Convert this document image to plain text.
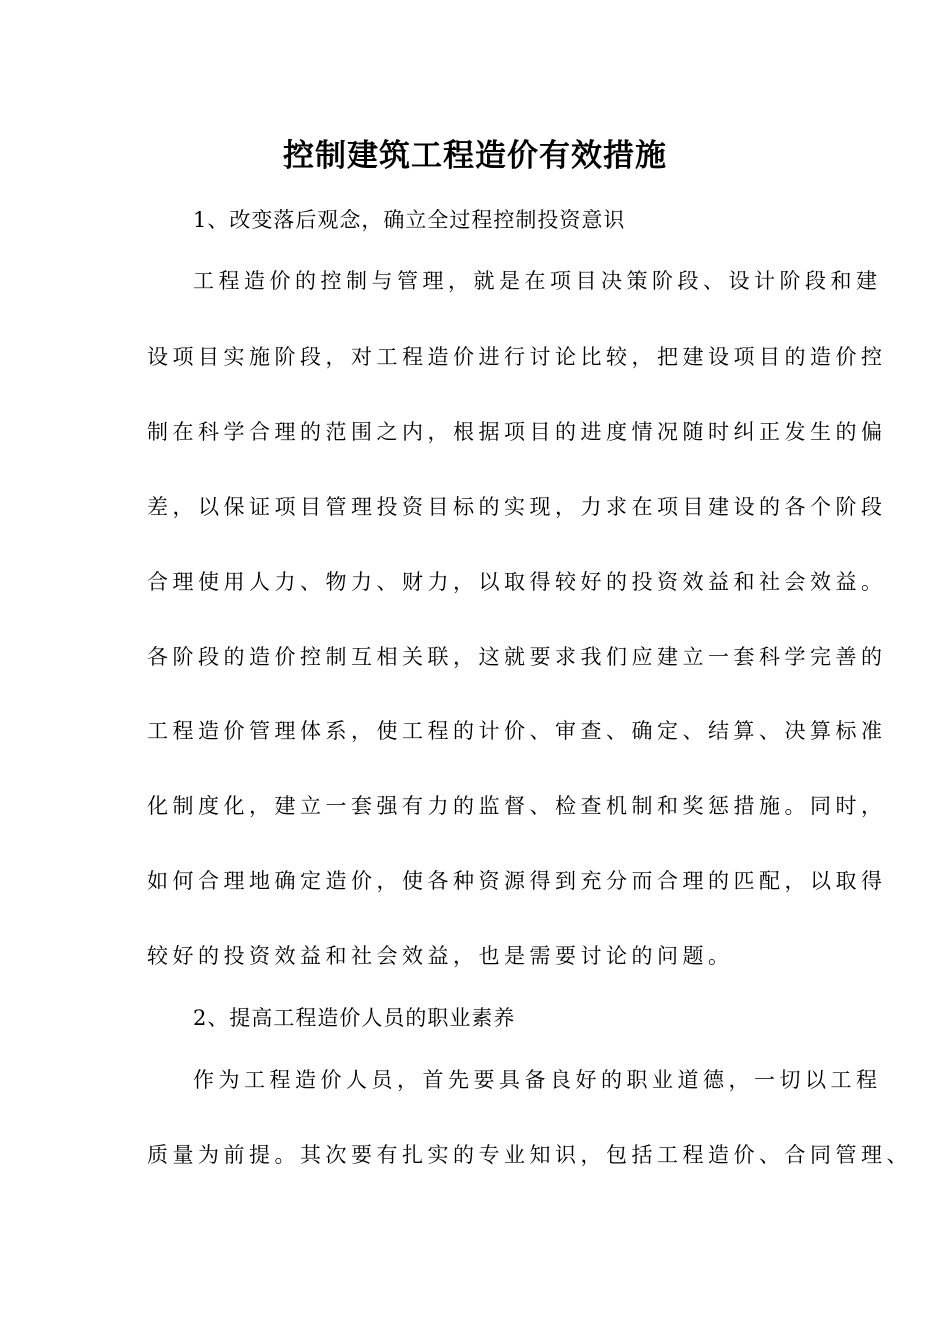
控制建筑工程造价有效措施
1、改变落后观念，确立全过程控制投资意识
工程造价的控制与管理，就是在项目决策阶段、设计阶段和建
设项目实施阶段，对工程造价进行讨论比较，把建设项目的造价控
制在科学合理的范围之内，根据项目的进度情况随时纠正发生的偏
差，以保证项目管理投资目标的实现，力求在项目建设的各个阶段
合理使用人力、物力、财力，以取得较好的投资效益和社会效益。
各阶段的造价控制互相关联，这就要求我们应建立一套科学完善的
工程造价管理体系，使工程的计价、审查、确定、结算、决算标准
化制度化，建立一套强有力的监督、检查机制和奖惩措施。同时，
如何合理地确定造价，使各种资源得到充分而合理的匹配，以取得
较好的投资效益和社会效益，也是需要讨论的问题。
2、提高工程造价人员的职业素养
作为工程造价人员，首先要具备良好的职业道德，一切以工程
质量为前提。其次要有扎实的专业知识，包括工程造价、合同管理、
